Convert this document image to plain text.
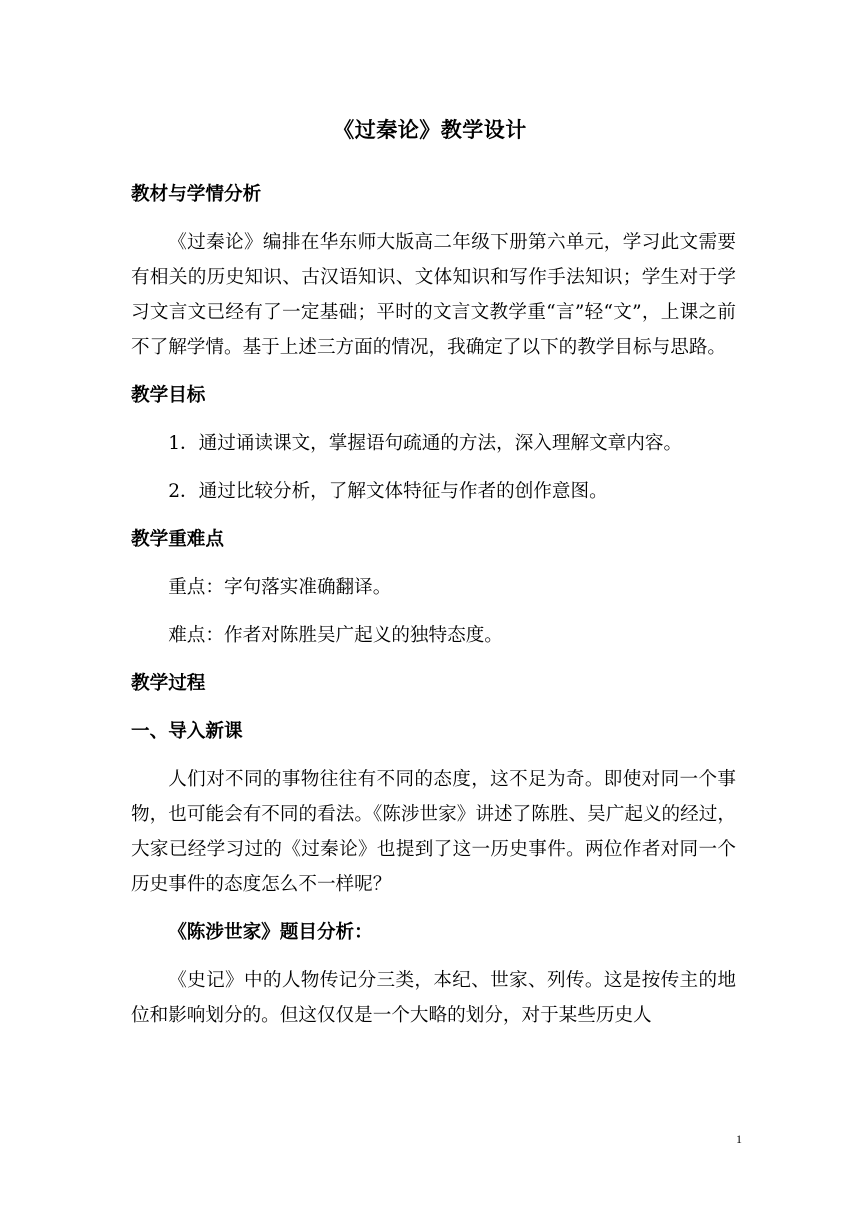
《过秦论》教学设计
教材与学情分析
《过秦论》编排在华东师大版高二年级下册第六单元，学习此文需要有相关的历史知识、古汉语知识、文体知识和写作手法知识；学生对于学习文言文已经有了一定基础；平时的文言文教学重“言”轻“文”，上课之前不了解学情。基于上述三方面的情况，我确定了以下的教学目标与思路。
教学目标
1．通过诵读课文，掌握语句疏通的方法，深入理解文章内容。
2．通过比较分析，了解文体特征与作者的创作意图。
教学重难点
重点：字句落实准确翻译。
难点：作者对陈胜吴广起义的独特态度。
教学过程
一、导入新课
人们对不同的事物往往有不同的态度，这不足为奇。即使对同一个事物，也可能会有不同的看法。《陈涉世家》讲述了陈胜、吴广起义的经过，大家已经学习过的《过秦论》也提到了这一历史事件。两位作者对同一个历史事件的态度怎么不一样呢？
《陈涉世家》题目分析：
《史记》中的人物传记分三类，本纪、世家、列传。这是按传主的地位和影响划分的。但这仅仅是一个大略的划分，对于某些历史人
1
